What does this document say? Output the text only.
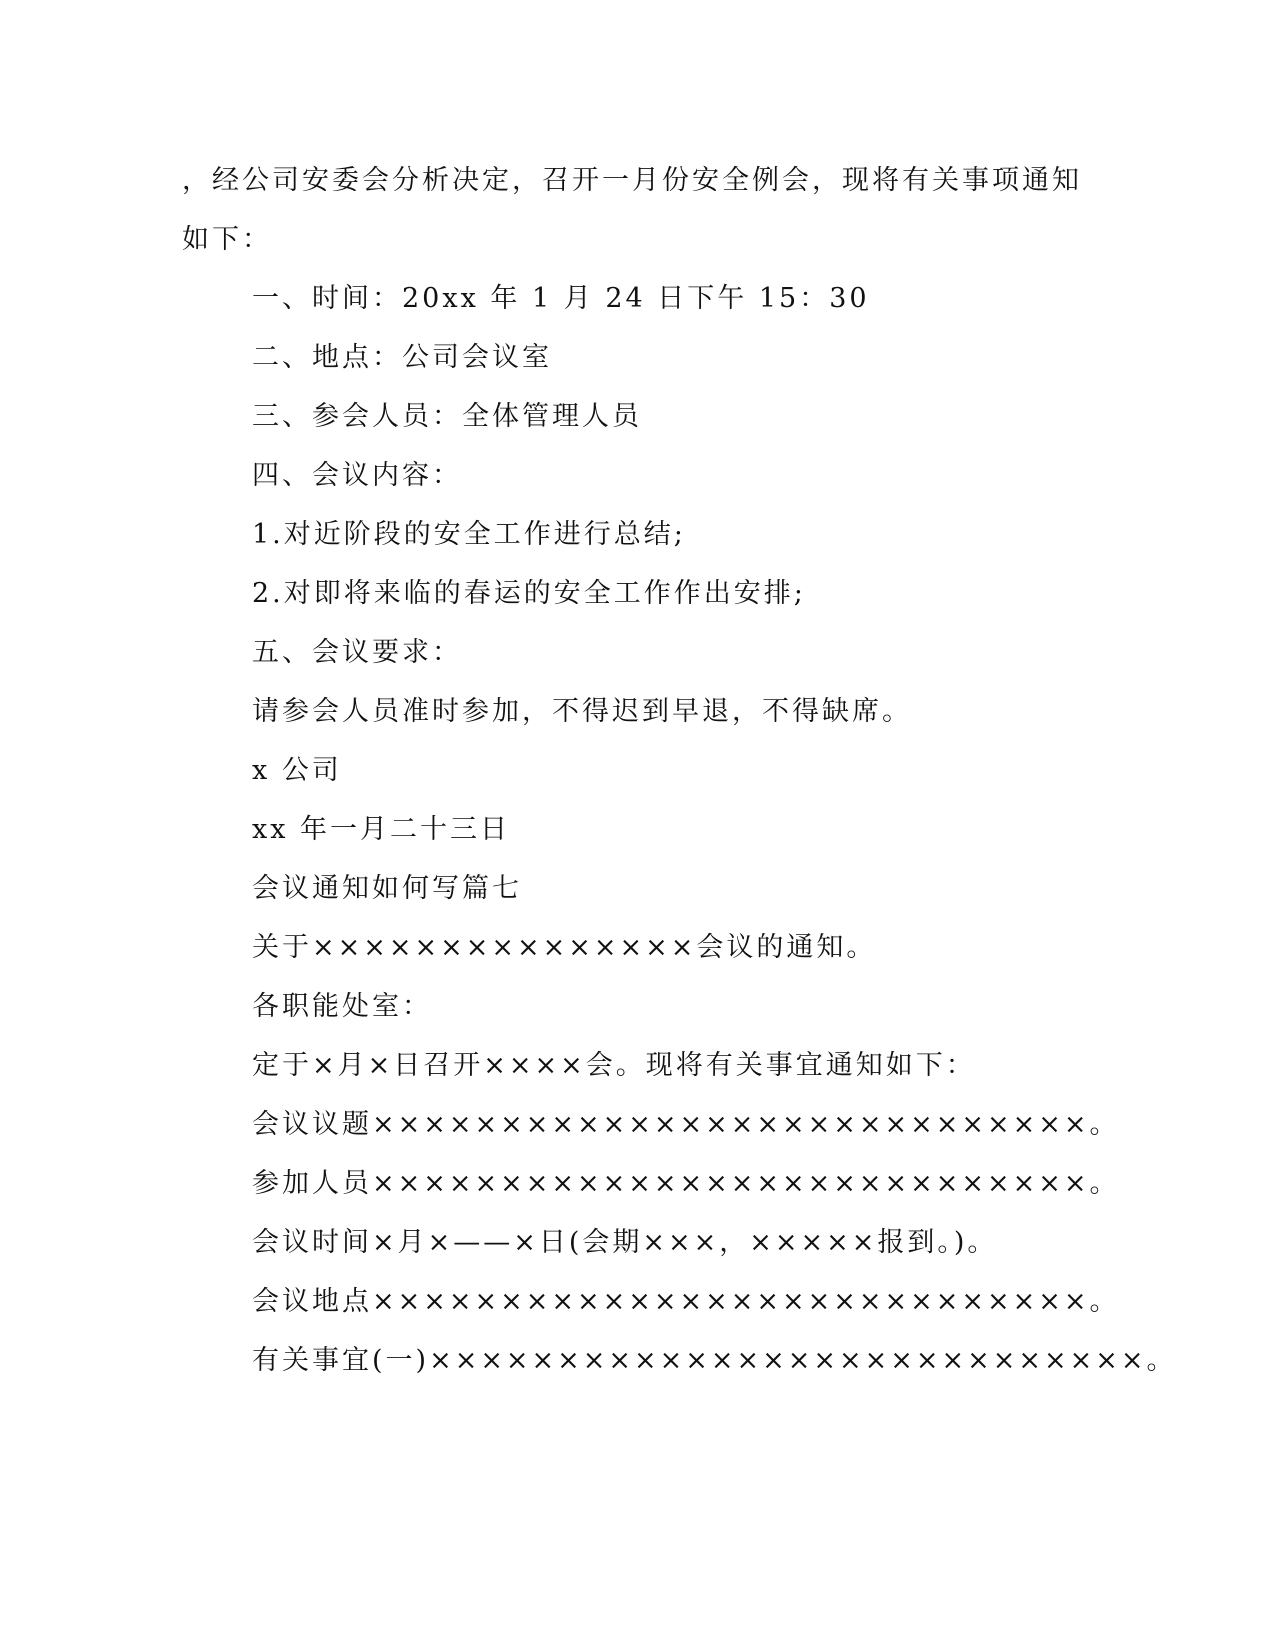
，经公司安委会分析决定，召开一月份安全例会，现将有关事项通知
如下：
一、时间：20xx 年 1 月 24 日下午 15：30
二、地点：公司会议室
三、参会人员：全体管理人员
四、会议内容：
1.对近阶段的安全工作进行总结;
2.对即将来临的春运的安全工作作出安排;
五、会议要求：
请参会人员准时参加，不得迟到早退，不得缺席。
x 公司
xx 年一月二十三日
会议通知如何写篇七
关于×××××××××××××××会议的通知。
各职能处室：
定于×月×日召开××××会。现将有关事宜通知如下：
会议议题××××××××××××××××××××××××××××。
参加人员××××××××××××××××××××××××××××。
会议时间×月×——×日(会期×××，×××××报到。)。
会议地点××××××××××××××××××××××××××××。
有关事宜(一)××××××××××××××××××××××××××××。
